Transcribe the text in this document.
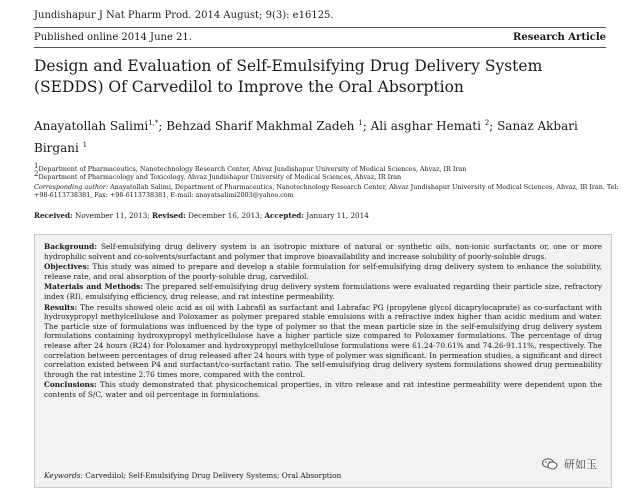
Jundishapur J Nat Pharm Prod. 2014 August; 9(3): e16125.
Published online 2014 June 21.	Research Article
Design and Evaluation of Self-Emulsifying Drug Delivery System (SEDDS) Of Carvedilol to Improve the Oral Absorption
Anayatollah Salimi$^{1,*}$; Behzad Sharif Makhmal Zadeh $^1$; Ali asghar Hemati $^2$; Sanaz Akbari Birgani $^1$
$^1$Department of Pharmaceutics, Nanotechnology Research Center, Ahvaz Jundishapur University of Medical Sciences, Ahvaz, IR Iran
$^2$Department of Pharmacology and Toxicology, Ahvaz Jundishapur University of Medical Sciences, Ahvaz, IR Iran
Corresponding author: Anayatollah Salimi, Department of Pharmaceutics, Nanotechnology Research Center, Ahvaz Jundishapur University of Medical Sciences, Ahvaz, IR Iran. Tel:
+98-6113738381, Fax: +98-6113738381, E-mail: anayatsalimi2003@yahoo.com
Received: November 11, 2013; Revised: December 16, 2013; Accepted: January 11, 2014
Background: Self-emulsifying drug delivery system is an isotropic mixture of natural or synthetic oils, non-ionic surfactants or, one or more hydrophilic solvent and co-solvents/surfactant and polymer that improve bioavailability and increase solubility of poorly-soluble drugs.
Objectives: This study was aimed to prepare and develop a stable formulation for self-emulsifying drug delivery system to enhance the solubility, release rate, and oral absorption of the poorly-soluble drug, carvedilol.
Materials and Methods: The prepared self-emulsifying drug delivery system formulations were evaluated regarding their particle size, refractory index (RI), emulsifying efficiency, drug release, and rat intestine permeability.
Results: The results showed oleic acid as oil with Labrafil as surfactant and Labrafac PG (propylene glycol dicaprylocaprate) as co-surfactant with hydroxypropyl methylcellulose and Poloxamer as polymer prepared stable emulsions with a refractive index higher than acidic medium and water. The particle size of formulations was influenced by the type of polymer so that the mean particle size in the self-emulsifying drug delivery system formulations containing hydroxypropyl methylcellulose have a higher particle size compared to Poloxamer formulations. The percentage of drug release after 24 hours (R24) for Poloxamer and hydroxypropyl methylcellulose formulations were 61.24-70.61% and 74.26-91.11%, respectively. The correlation between percentages of drug released after 24 hours with type of polymer was significant. In permeation studies, a significant and direct correlation existed between P4 and surfactant/co-surfactant ratio. The self-emulsifying drug delivery system formulations showed drug permeability through the rat intestine 2.76 times more, compared with the control.
Conclusions: This study demonstrated that physicochemical properties, in vitro release and rat intestine permeability were dependent upon the contents of S/C, water and oil percentage in formulations.
Keywords: Carvedilol; Self-Emulsifying Drug Delivery Systems; Oral Absorption
研如玉
